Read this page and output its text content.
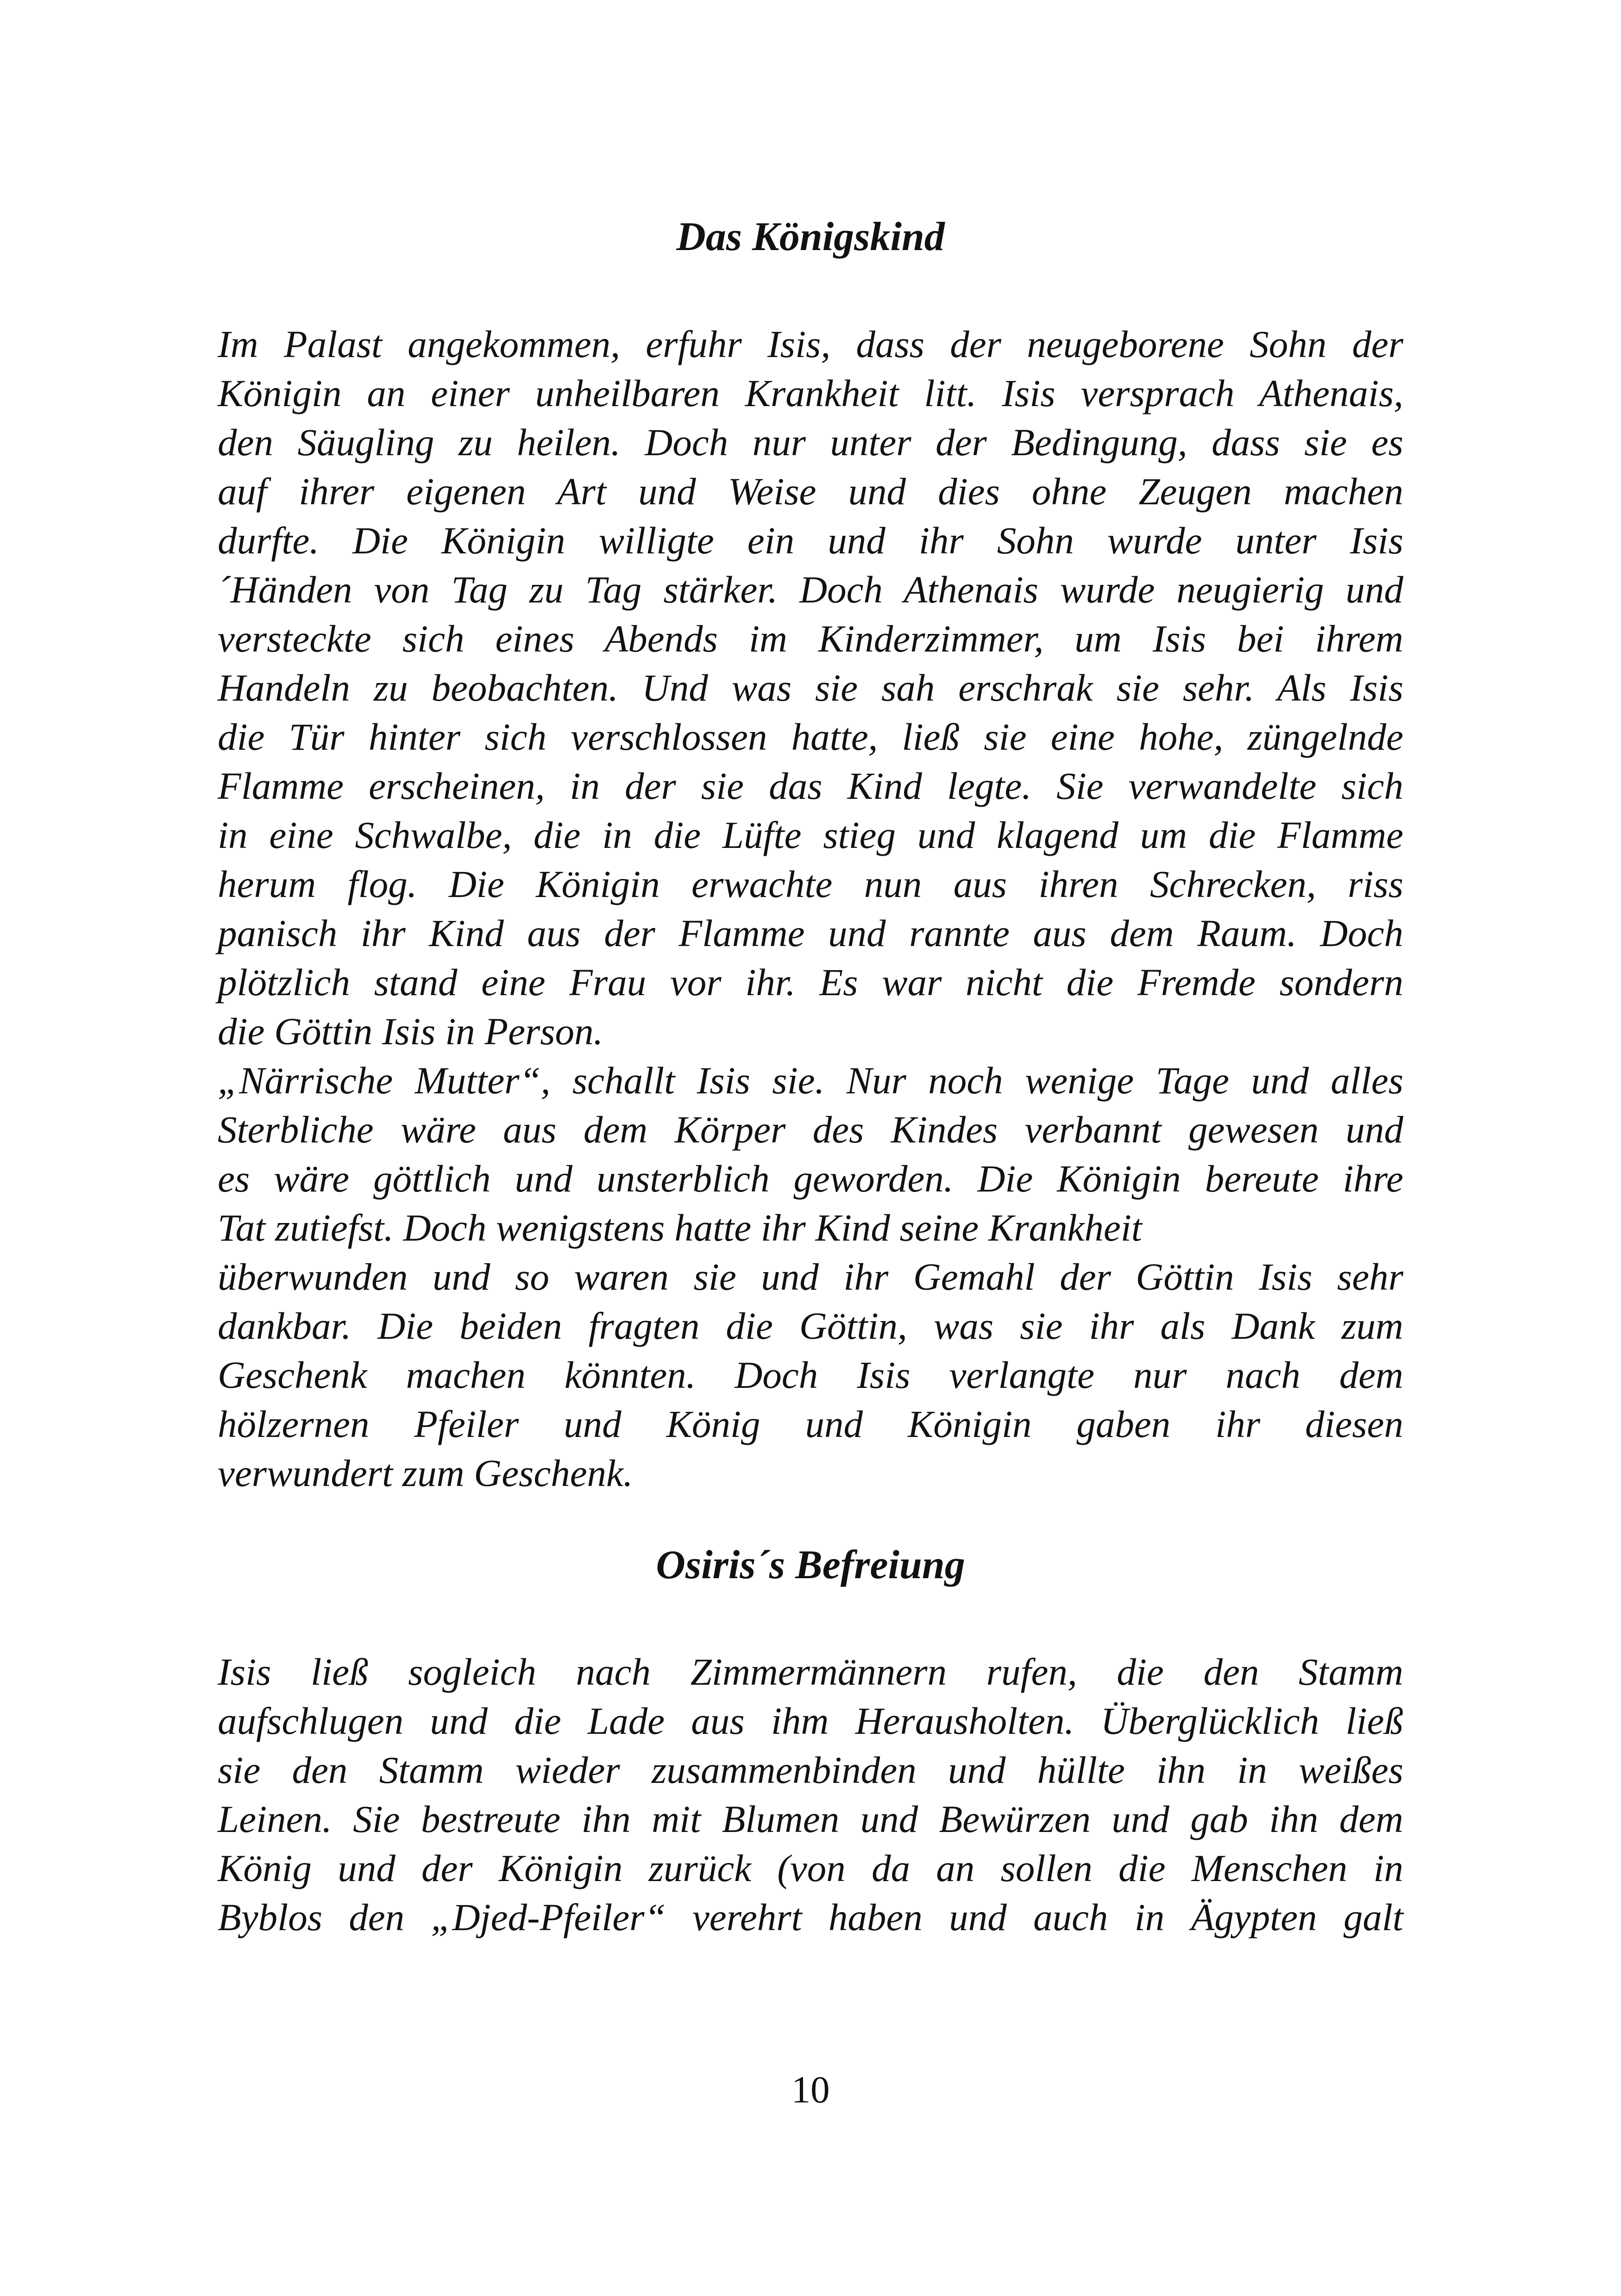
Das Königskind
Im Palast angekommen, erfuhr Isis, dass der neugeborene Sohn der
Königin an einer unheilbaren Krankheit litt. Isis versprach Athenais,
den Säugling zu heilen. Doch nur unter der Bedingung, dass sie es
auf ihrer eigenen Art und Weise und dies ohne Zeugen machen
durfte. Die Königin willigte ein und ihr Sohn wurde unter Isis
´Händen von Tag zu Tag stärker. Doch Athenais wurde neugierig und
versteckte sich eines Abends im Kinderzimmer, um Isis bei ihrem
Handeln zu beobachten. Und was sie sah erschrak sie sehr. Als Isis
die Tür hinter sich verschlossen hatte, ließ sie eine hohe, züngelnde
Flamme erscheinen, in der sie das Kind legte. Sie verwandelte sich
in eine Schwalbe, die in die Lüfte stieg und klagend um die Flamme
herum flog. Die Königin erwachte nun aus ihren Schrecken, riss
panisch ihr Kind aus der Flamme und rannte aus dem Raum. Doch
plötzlich stand eine Frau vor ihr. Es war nicht die Fremde sondern
die Göttin Isis in Person.
„Närrische Mutter“, schallt Isis sie. Nur noch wenige Tage und alles
Sterbliche wäre aus dem Körper des Kindes verbannt gewesen und
es wäre göttlich und unsterblich geworden. Die Königin bereute ihre
Tat zutiefst. Doch wenigstens hatte ihr Kind seine Krankheit
überwunden und so waren sie und ihr Gemahl der Göttin Isis sehr
dankbar. Die beiden fragten die Göttin, was sie ihr als Dank zum
Geschenk machen könnten. Doch Isis verlangte nur nach dem
hölzernen Pfeiler und König und Königin gaben ihr diesen
verwundert zum Geschenk.
Osiris´s Befreiung
Isis ließ sogleich nach Zimmermännern rufen, die den Stamm
aufschlugen und die Lade aus ihm Herausholten. Überglücklich ließ
sie den Stamm wieder zusammenbinden und hüllte ihn in weißes
Leinen. Sie bestreute ihn mit Blumen und Bewürzen und gab ihn dem
König und der Königin zurück (von da an sollen die Menschen in
Byblos den „Djed-Pfeiler“ verehrt haben und auch in Ägypten galt
10
